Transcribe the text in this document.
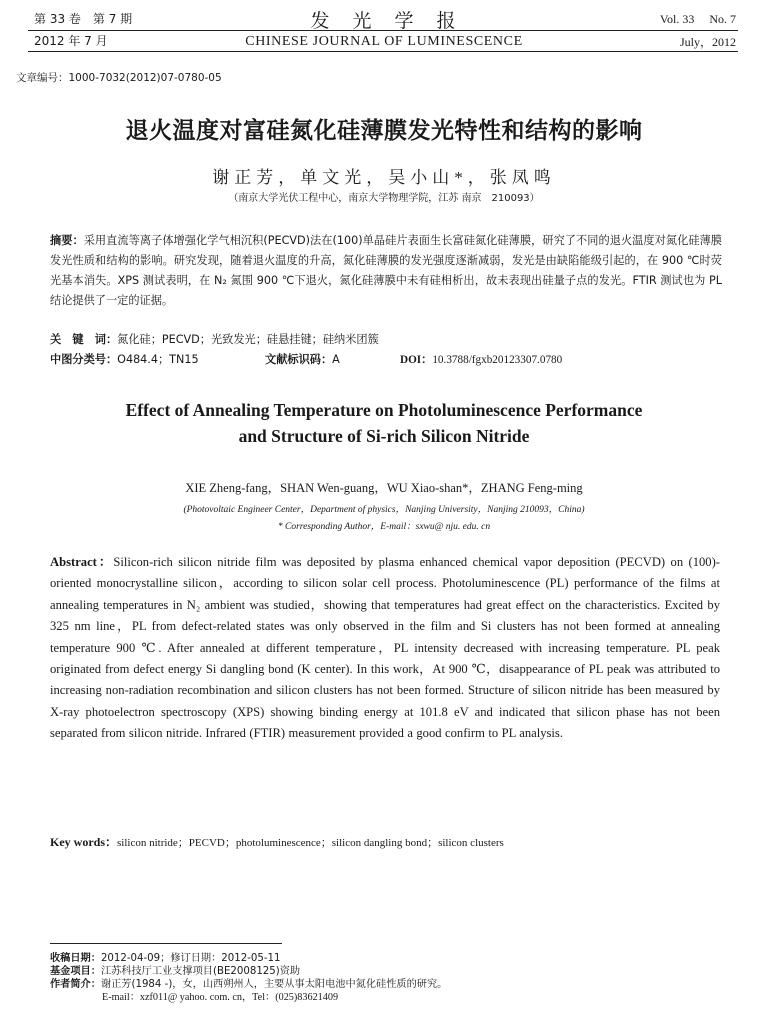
第 33 卷　第 7 期
2012 年 7 月
发　光　学　报
CHINESE JOURNAL OF LUMINESCENCE
Vol. 33　 No. 7
July，2012
文章编号：1000-7032(2012)07-0780-05
退火温度对富硅氮化硅薄膜发光特性和结构的影响
谢正芳，单文光，吴小山*，张凤鸣
（南京大学光伏工程中心，南京大学物理学院，江苏 南京　210093）
摘要：采用直流等离子体增强化学气相沉积(PECVD)法在(100)单晶硅片表面生长富硅氮化硅薄膜，研究了不同的退火温度对氮化硅薄膜发光性质和结构的影响。研究发现，随着退火温度的升高，氮化硅薄膜的发光强度逐渐减弱，发光是由缺陷能级引起的，在 900 ℃时荧光基本消失。XPS 测试表明，在 N₂ 氮围 900 ℃下退火，氮化硅薄膜中未有硅相析出，故未表现出硅量子点的发光。FTIR 测试也为 PL 结论提供了一定的证据。
关　键　词：氮化硅；PECVD；光致发光；硅悬挂键；硅纳米团簇
中图分类号：O484.4；TN15	文献标识码：A	DOI：10.3788/fgxb20123307.0780
Effect of Annealing Temperature on Photoluminescence Performance
and Structure of Si-rich Silicon Nitride
XIE Zheng-fang，SHAN Wen-guang，WU Xiao-shan*，ZHANG Feng-ming
(Photovoltaic Engineer Center，Department of physics，Nanjing University，Nanjing 210093，China)
* Corresponding Author，E-mail：sxwu@ nju. edu. cn
Abstract：Silicon-rich silicon nitride film was deposited by plasma enhanced chemical vapor deposition (PECVD) on (100)-oriented monocrystalline silicon，according to silicon solar cell process. Photoluminescence (PL) performance of the films at annealing temperatures in N₂ ambient was studied，showing that temperatures had great effect on the characteristics. Excited by 325 nm line，PL from defect-related states was only observed in the film and Si clusters has not been formed at annealing temperature 900 ℃. After annealed at different temperature，PL intensity decreased with increasing temperature. PL peak originated from defect energy Si dangling bond (K center). In this work，At 900 ℃，disappearance of PL peak was attributed to increasing non-radiation recombination and silicon clusters has not been formed. Structure of silicon nitride has been measured by X-ray photoelectron spectroscopy (XPS) showing binding energy at 101.8 eV and indicated that silicon phase has not been separated from silicon nitride. Infrared (FTIR) measurement provided a good confirm to PL analysis.
Key words：silicon nitride；PECVD；photoluminescence；silicon dangling bond；silicon clusters
收稿日期：2012-04-09；修订日期：2012-05-11
基金项目：江苏科技厅工业支撑项目(BE2008125)资助
作者简介：谢正芳(1984 -)，女，山西朔州人，主要从事太阳电池中氮化硅性质的研究。
E-mail：xzf011@ yahoo. com. cn，Tel：(025)83621409
